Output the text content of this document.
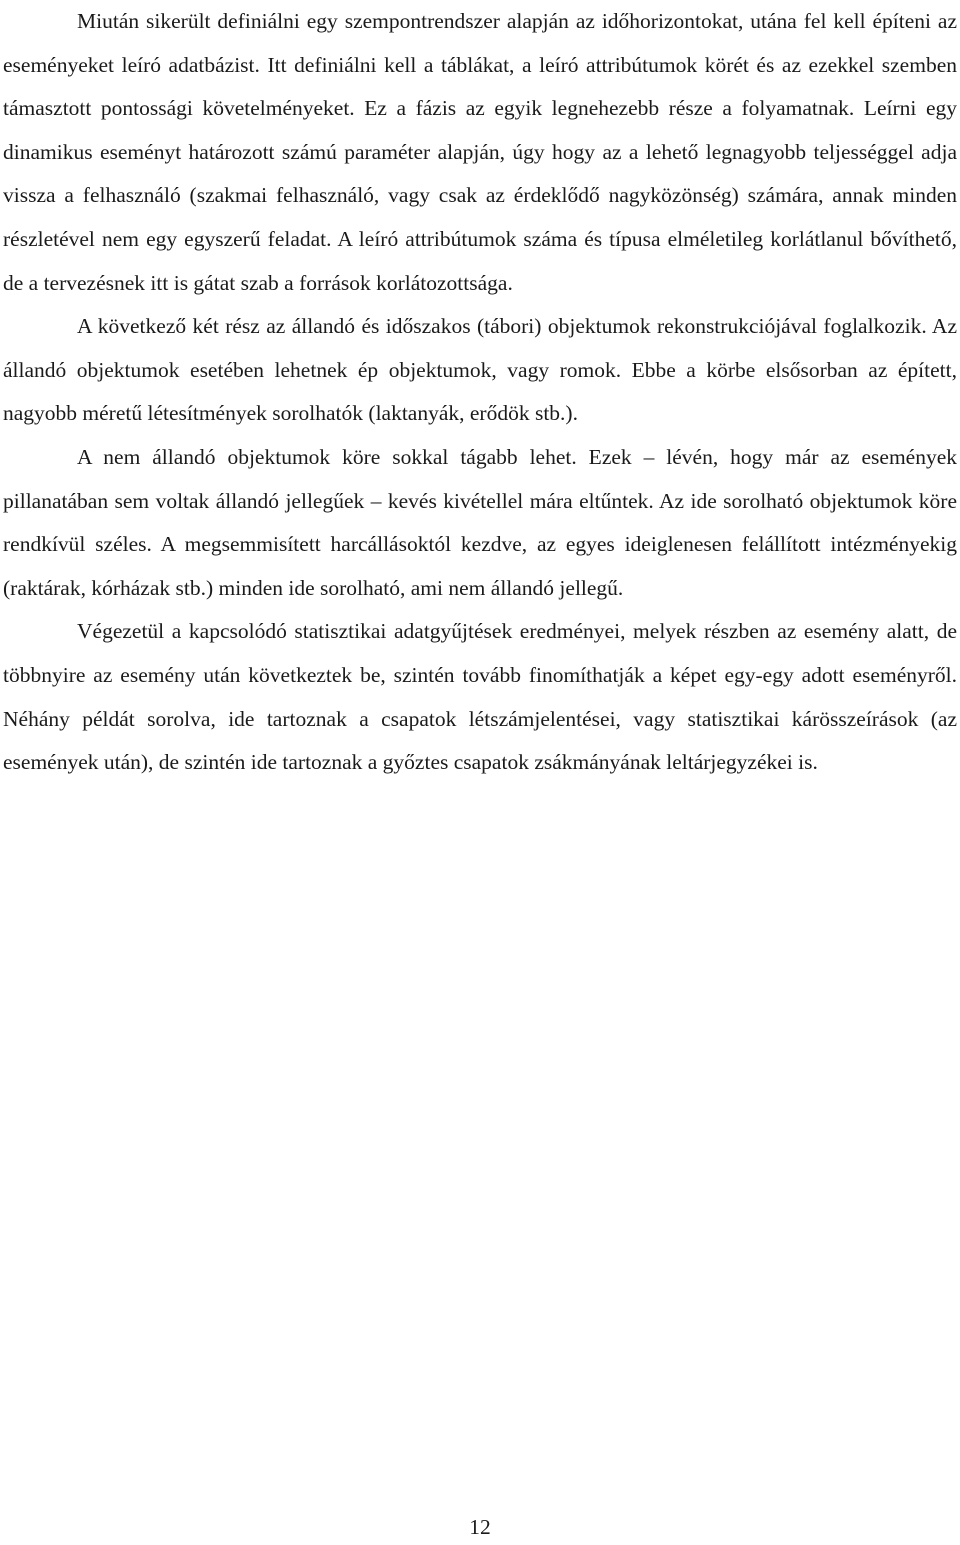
Miután sikerült definiálni egy szempontrendszer alapján az időhorizontokat, utána fel kell építeni az eseményeket leíró adatbázist. Itt definiálni kell a táblákat, a leíró attribútumok körét és az ezekkel szemben támasztott pontossági követelményeket. Ez a fázis az egyik legnehezebb része a folyamatnak. Leírni egy dinamikus eseményt határozott számú paraméter alapján, úgy hogy az a lehető legnagyobb teljességgel adja vissza a felhasználó (szakmai felhasználó, vagy csak az érdeklődő nagyközönség) számára, annak minden részletével nem egy egyszerű feladat. A leíró attribútumok száma és típusa elméletileg korlátlanul bővíthető, de a tervezésnek itt is gátat szab a források korlátozottsága.

A következő két rész az állandó és időszakos (tábori) objektumok rekonstrukciójával foglalkozik. Az állandó objektumok esetében lehetnek ép objektumok, vagy romok. Ebbe a körbe elsősorban az épített, nagyobb méretű létesítmények sorolhatók (laktanyák, erődök stb.).

A nem állandó objektumok köre sokkal tágabb lehet. Ezek – lévén, hogy már az események pillanatában sem voltak állandó jellegűek – kevés kivétellel mára eltűntek. Az ide sorolható objektumok köre rendkívül széles. A megsemmisített harcállásoktól kezdve, az egyes ideiglenesen felállított intézményekig (raktárak, kórházak stb.) minden ide sorolható, ami nem állandó jellegű.

Végezetül a kapcsolódó statisztikai adatgyűjtések eredményei, melyek részben az esemény alatt, de többnyire az esemény után következtek be, szintén tovább finomíthatják a képet egy-egy adott eseményről. Néhány példát sorolva, ide tartoznak a csapatok létszámjelentései, vagy statisztikai kárösszeírások (az események után), de szintén ide tartoznak a győztes csapatok zsákmányának leltárjegyzékei is.

12
